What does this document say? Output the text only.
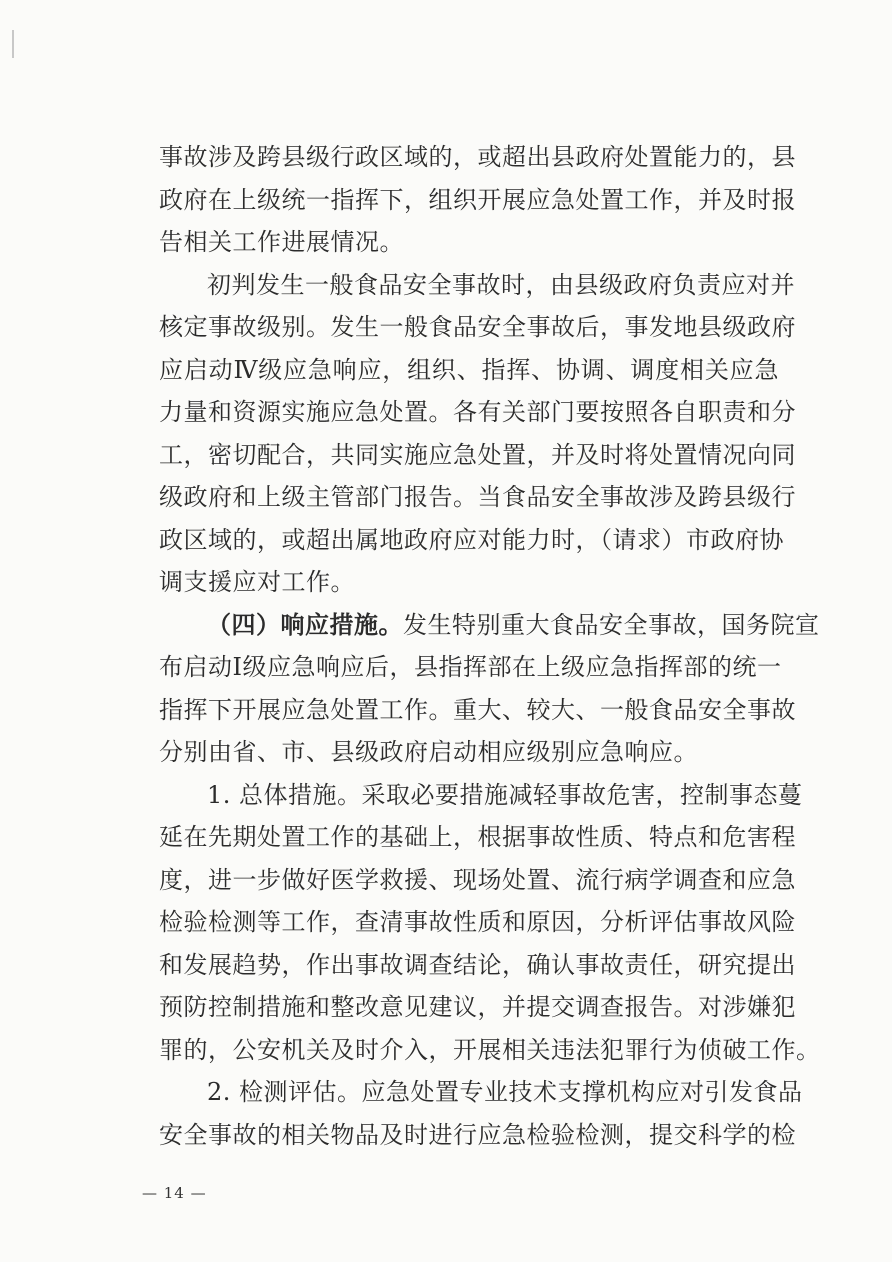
事故涉及跨县级行政区域的，或超出县政府处置能力的，县
政府在上级统一指挥下，组织开展应急处置工作，并及时报
告相关工作进展情况。

初判发生一般食品安全事故时，由县级政府负责应对并
核定事故级别。发生一般食品安全事故后，事发地县级政府
应启动Ⅳ级应急响应，组织、指挥、协调、调度相关应急
力量和资源实施应急处置。各有关部门要按照各自职责和分
工，密切配合，共同实施应急处置，并及时将处置情况向同
级政府和上级主管部门报告。当食品安全事故涉及跨县级行
政区域的，或超出属地政府应对能力时，（请求）市政府协
调支援应对工作。

（四）响应措施。发生特别重大食品安全事故，国务院宣
布启动Ⅰ级应急响应后，县指挥部在上级应急指挥部的统一
指挥下开展应急处置工作。重大、较大、一般食品安全事故
分别由省、市、县级政府启动相应级别应急响应。

1. 总体措施。采取必要措施减轻事故危害，控制事态蔓
延在先期处置工作的基础上，根据事故性质、特点和危害程
度，进一步做好医学救援、现场处置、流行病学调查和应急
检验检测等工作，查清事故性质和原因，分析评估事故风险
和发展趋势，作出事故调查结论，确认事故责任，研究提出
预防控制措施和整改意见建议，并提交调查报告。对涉嫌犯
罪的，公安机关及时介入，开展相关违法犯罪行为侦破工作。

2. 检测评估。应急处置专业技术支撑机构应对引发食品
安全事故的相关物品及时进行应急检验检测，提交科学的检

— 14 —
